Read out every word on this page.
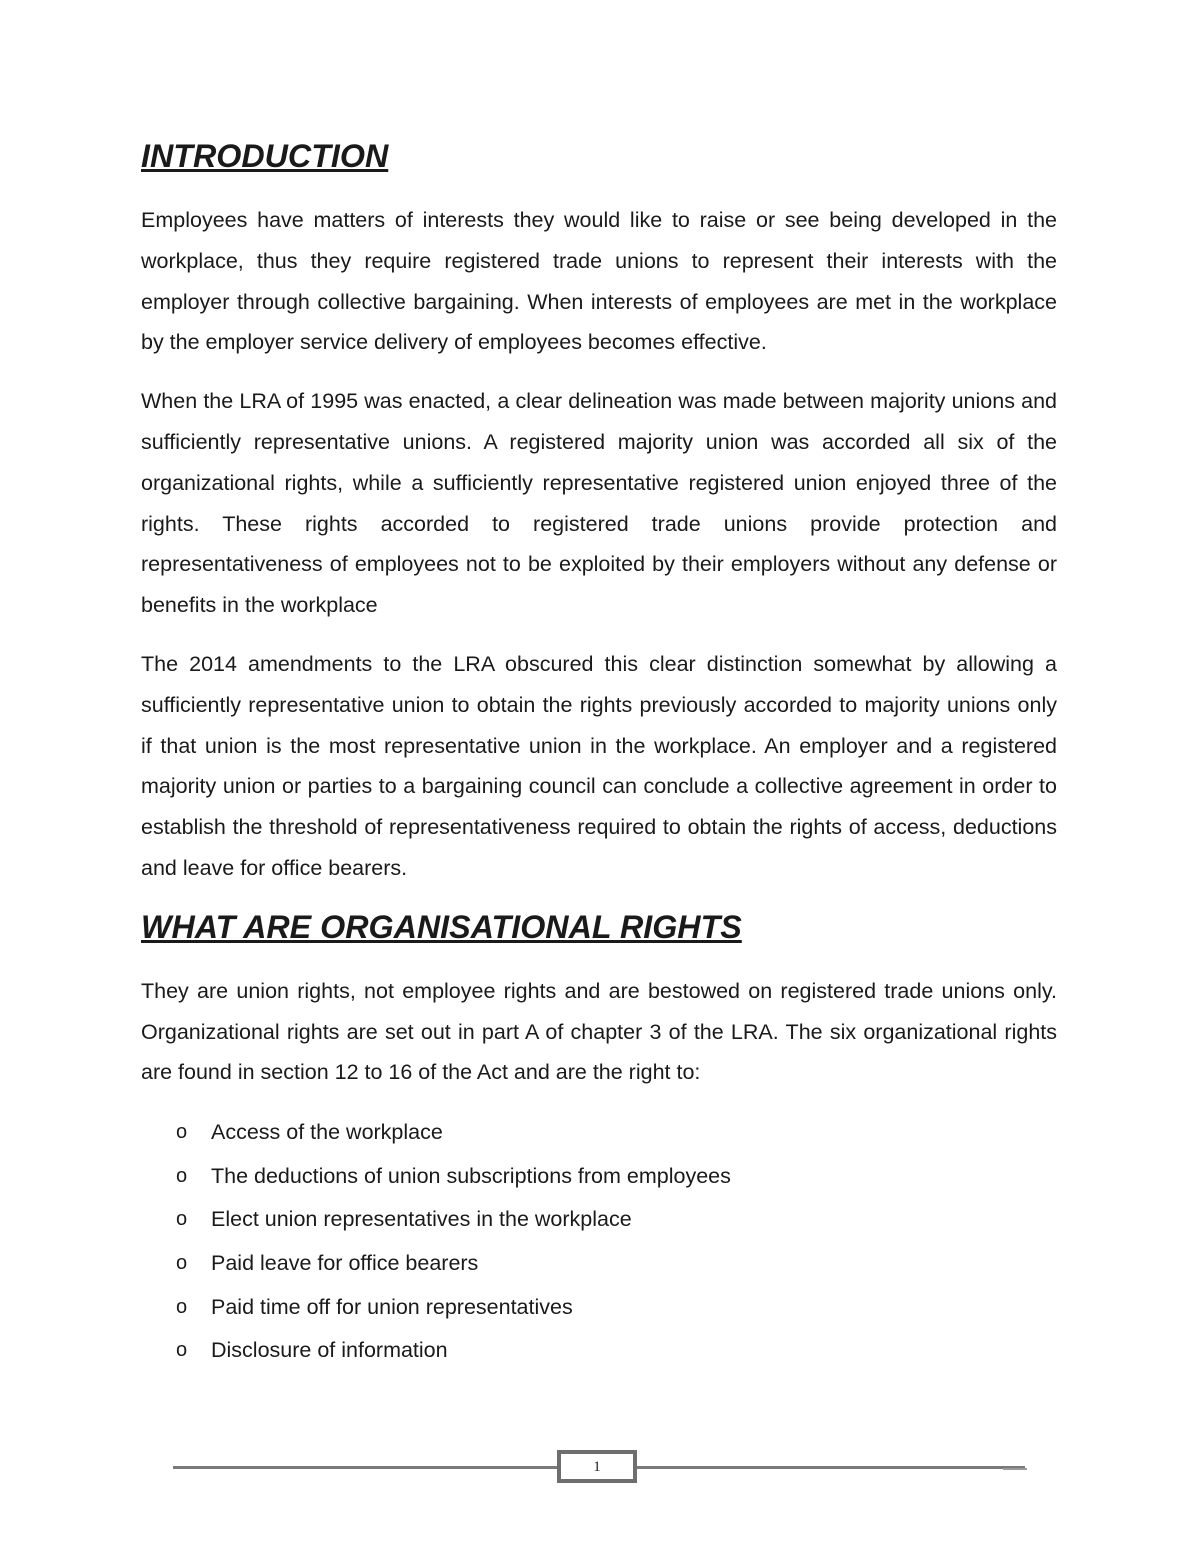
INTRODUCTION

Employees have matters of interests they would like to raise or see being developed in the workplace, thus they require registered trade unions to represent their interests with the employer through collective bargaining. When interests of employees are met in the workplace by the employer service delivery of employees becomes effective.

When the LRA of 1995 was enacted, a clear delineation was made between majority unions and sufficiently representative unions. A registered majority union was accorded all six of the organizational rights, while a sufficiently representative registered union enjoyed three of the rights. These rights accorded to registered trade unions provide protection and representativeness of employees not to be exploited by their employers without any defense or benefits in the workplace

The 2014 amendments to the LRA obscured this clear distinction somewhat by allowing a sufficiently representative union to obtain the rights previously accorded to majority unions only if that union is the most representative union in the workplace. An employer and a registered majority union or parties to a bargaining council can conclude a collective agreement in order to establish the threshold of representativeness required to obtain the rights of access, deductions and leave for office bearers.

WHAT ARE ORGANISATIONAL RIGHTS

They are union rights, not employee rights and are bestowed on registered trade unions only. Organizational rights are set out in part A of chapter 3 of the LRA. The six organizational rights are found in section 12 to 16 of the Act and are the right to:

o Access of the workplace
o The deductions of union subscriptions from employees
o Elect union representatives in the workplace
o Paid leave for office bearers
o Paid time off for union representatives
o Disclosure of information
1
